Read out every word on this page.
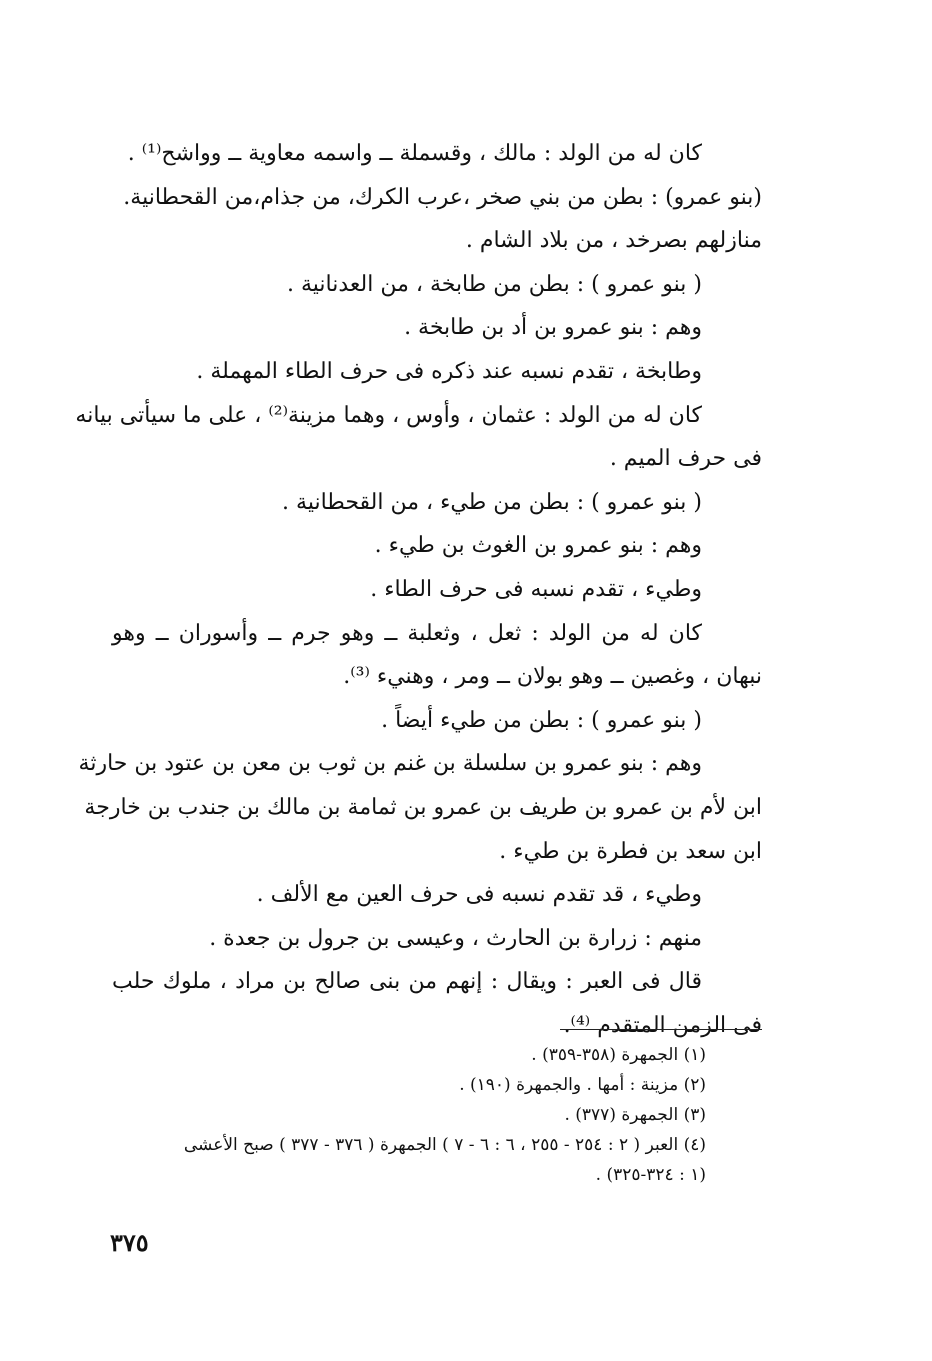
كان له من الولد : مالك ، وقسملة ــ واسمه معاوية ــ وواشح⁽¹⁾ .

(بنو عمرو) : بطن من بني صخر ،عرب الكرك، من جذام،من القحطانية.

منازلهم بصرخد ، من بلاد الشام .

( بنو عمرو ) : بطن من طابخة ، من العدنانية .

وهم : بنو عمرو بن أد بن طابخة .

وطابخة ، تقدم نسبه عند ذكره فى حرف الطاء المهملة .

كان له من الولد : عثمان ، وأوس ، وهما مزينة⁽²⁾ ، على ما سيأتى بيانه

فى حرف الميم .

( بنو عمرو ) : بطن من طيء ، من القحطانية .

وهم : بنو عمرو بن الغوث بن طيء .

وطيء ، تقدم نسبه فى حرف الطاء .

كان له من الولد : ثعل ، وثعلبة ــ وهو جرم ــ وأسوران ــ وهو

نبهان ، وغصين ــ وهو بولان ــ ومر ، وهنيء ⁽³⁾.

( بنو عمرو ) : بطن من طيء أيضاً .

وهم : بنو عمرو بن سلسلة بن غنم بن ثوب بن معن بن عتود بن حارثة

ابن لأم بن عمرو بن طريف بن عمرو بن ثمامة بن مالك بن جندب بن خارجة

ابن سعد بن فطرة بن طيء .

وطيء ، قد تقدم نسبه فى حرف العين مع الألف .

منهم : زرارة بن الحارث ، وعيسى بن جرول بن جعدة .

قال فى العبر : ويقال : إنهم من بنى صالح بن مراد ، ملوك حلب

فى الزمن المتقدم ⁽⁴⁾.

(١) الجمهرة (٣٥٨-٣٥٩) .

(٢) مزينة : أمها . والجمهرة (١٩٠) .

(٣) الجمهرة (٣٧٧) .

(٤) العبر ( ٢ : ٢٥٤ - ٢٥٥ ، ٦ : ٦ - ٧ ) الجمهرة ( ٣٧٦ - ٣٧٧ ) صبح الأعشى

(١ : ٣٢٤-٣٢٥) .

٣٧٥
